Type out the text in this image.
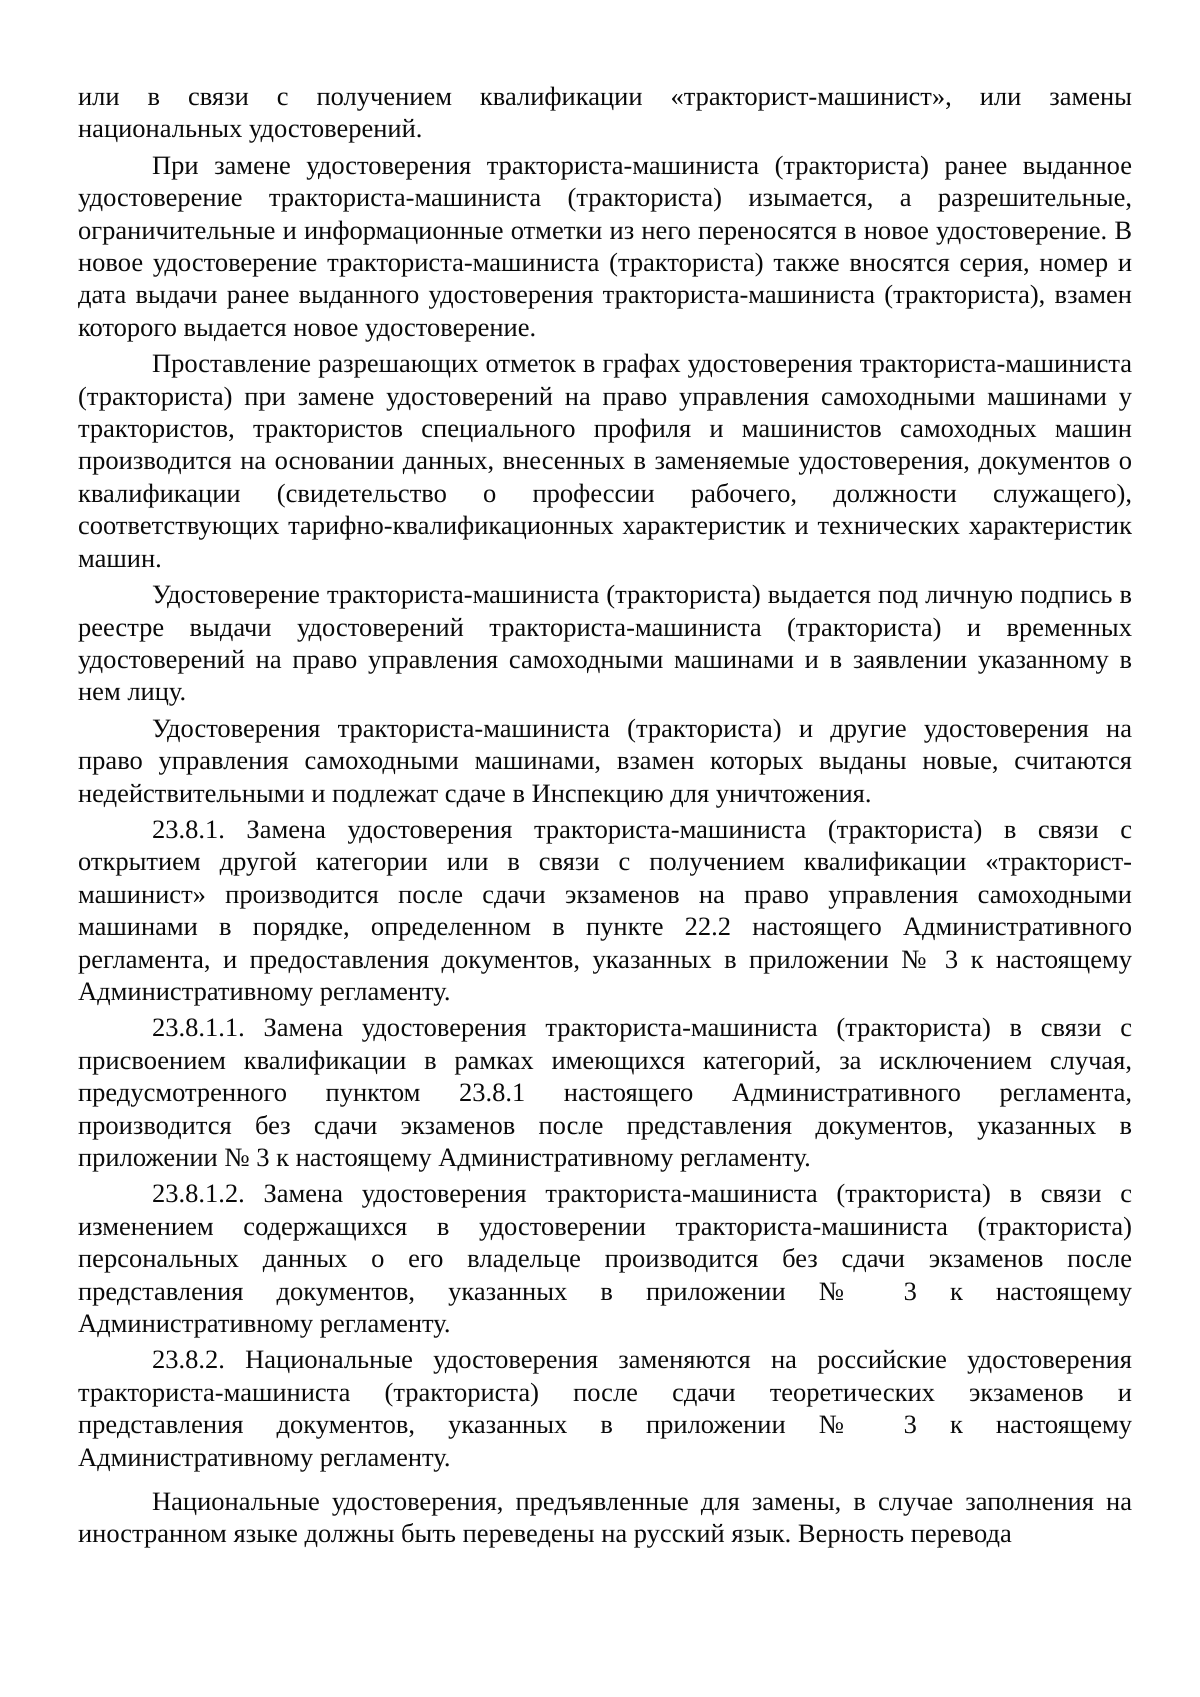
или в связи с получением квалификации «тракторист-машинист», или замены национальных удостоверений.

При замене удостоверения тракториста-машиниста (тракториста) ранее выданное удостоверение тракториста-машиниста (тракториста) изымается, а разрешительные, ограничительные и информационные отметки из него переносятся в новое удостоверение. В новое удостоверение тракториста-машиниста (тракториста) также вносятся серия, номер и дата выдачи ранее выданного удостоверения тракториста-машиниста (тракториста), взамен которого выдается новое удостоверение.

Проставление разрешающих отметок в графах удостоверения тракториста-машиниста (тракториста) при замене удостоверений на право управления самоходными машинами у трактористов, трактористов специального профиля и машинистов самоходных машин производится на основании данных, внесенных в заменяемые удостоверения, документов о квалификации (свидетельство о профессии рабочего, должности служащего), соответствующих тарифно-квалификационных характеристик и технических характеристик машин.

Удостоверение тракториста-машиниста (тракториста) выдается под личную подпись в реестре выдачи удостоверений тракториста-машиниста (тракториста) и временных удостоверений на право управления самоходными машинами и в заявлении указанному в нем лицу.

Удостоверения тракториста-машиниста (тракториста) и другие удостоверения на право управления самоходными машинами, взамен которых выданы новые, считаются недействительными и подлежат сдаче в Инспекцию для уничтожения.

23.8.1. Замена удостоверения тракториста-машиниста (тракториста) в связи с открытием другой категории или в связи с получением квалификации «тракторист-машинист» производится после сдачи экзаменов на право управления самоходными машинами в порядке, определенном в пункте 22.2 настоящего Административного регламента, и предоставления документов, указанных в приложении № 3 к настоящему Административному регламенту.

23.8.1.1. Замена удостоверения тракториста-машиниста (тракториста) в связи с присвоением квалификации в рамках имеющихся категорий, за исключением случая, предусмотренного пунктом 23.8.1 настоящего Административного регламента, производится без сдачи экзаменов после представления документов, указанных в приложении № 3 к настоящему Административному регламенту.

23.8.1.2. Замена удостоверения тракториста-машиниста (тракториста) в связи с изменением содержащихся в удостоверении тракториста-машиниста (тракториста) персональных данных о его владельце производится без сдачи экзаменов после представления документов, указанных в приложении № 3 к настоящему Административному регламенту.

23.8.2. Национальные удостоверения заменяются на российские удостоверения тракториста-машиниста (тракториста) после сдачи теоретических экзаменов и представления документов, указанных в приложении № 3 к настоящему Административному регламенту.

Национальные удостоверения, предъявленные для замены, в случае заполнения на иностранном языке должны быть переведены на русский язык. Верность перевода
